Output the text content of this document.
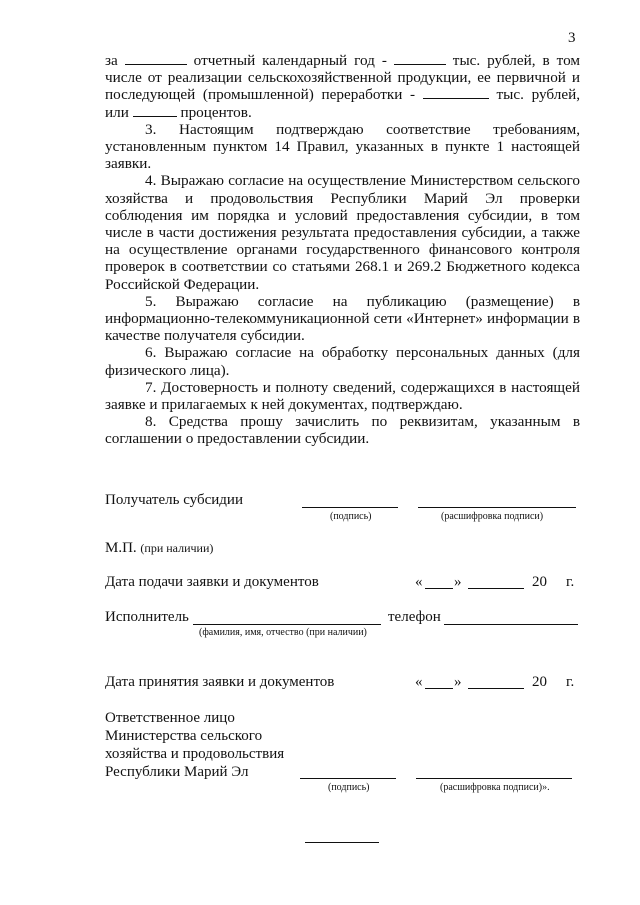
3

за	отчетный календарный год -	тыс. рублей, в том числе от реализации сельскохозяйственной продукции, ее первичной и последующей (промышленной) переработки -	тыс. рублей, или	процентов.

3. Настоящим подтверждаю соответствие требованиям, установленным пунктом 14 Правил, указанных в пункте 1 настоящей заявки.

4. Выражаю согласие на осуществление Министерством сельского хозяйства и продовольствия Республики Марий Эл проверки соблюдения им порядка и условий предоставления субсидии, в том числе в части достижения результата предоставления субсидии, а также на осуществление органами государственного финансового контроля проверок в соответствии со статьями 268.1 и 269.2 Бюджетного кодекса Российской Федерации.

5. Выражаю согласие на публикацию (размещение) в информационно-телекоммуникационной сети «Интернет» информации в качестве получателя субсидии.

6. Выражаю согласие на обработку персональных данных (для физического лица).

7. Достоверность и полноту сведений, содержащихся в настоящей заявке и прилагаемых к ней документах, подтверждаю.

8. Средства прошу зачислить по реквизитам, указанным в соглашении о предоставлении субсидии.

Получатель субсидии
(подпись)	(расшифровка подписи)
М.П. (при наличии)
Дата подачи заявки и документов	« »	20 г.
Исполнитель
(фамилия, имя, отчество (при наличии)
телефон
Дата принятия заявки и документов	« »	20 г.
Ответственное лицо
Министерства сельского
хозяйства и продовольствия
Республики Марий Эл
(подпись)	(расшифровка подписи)».
